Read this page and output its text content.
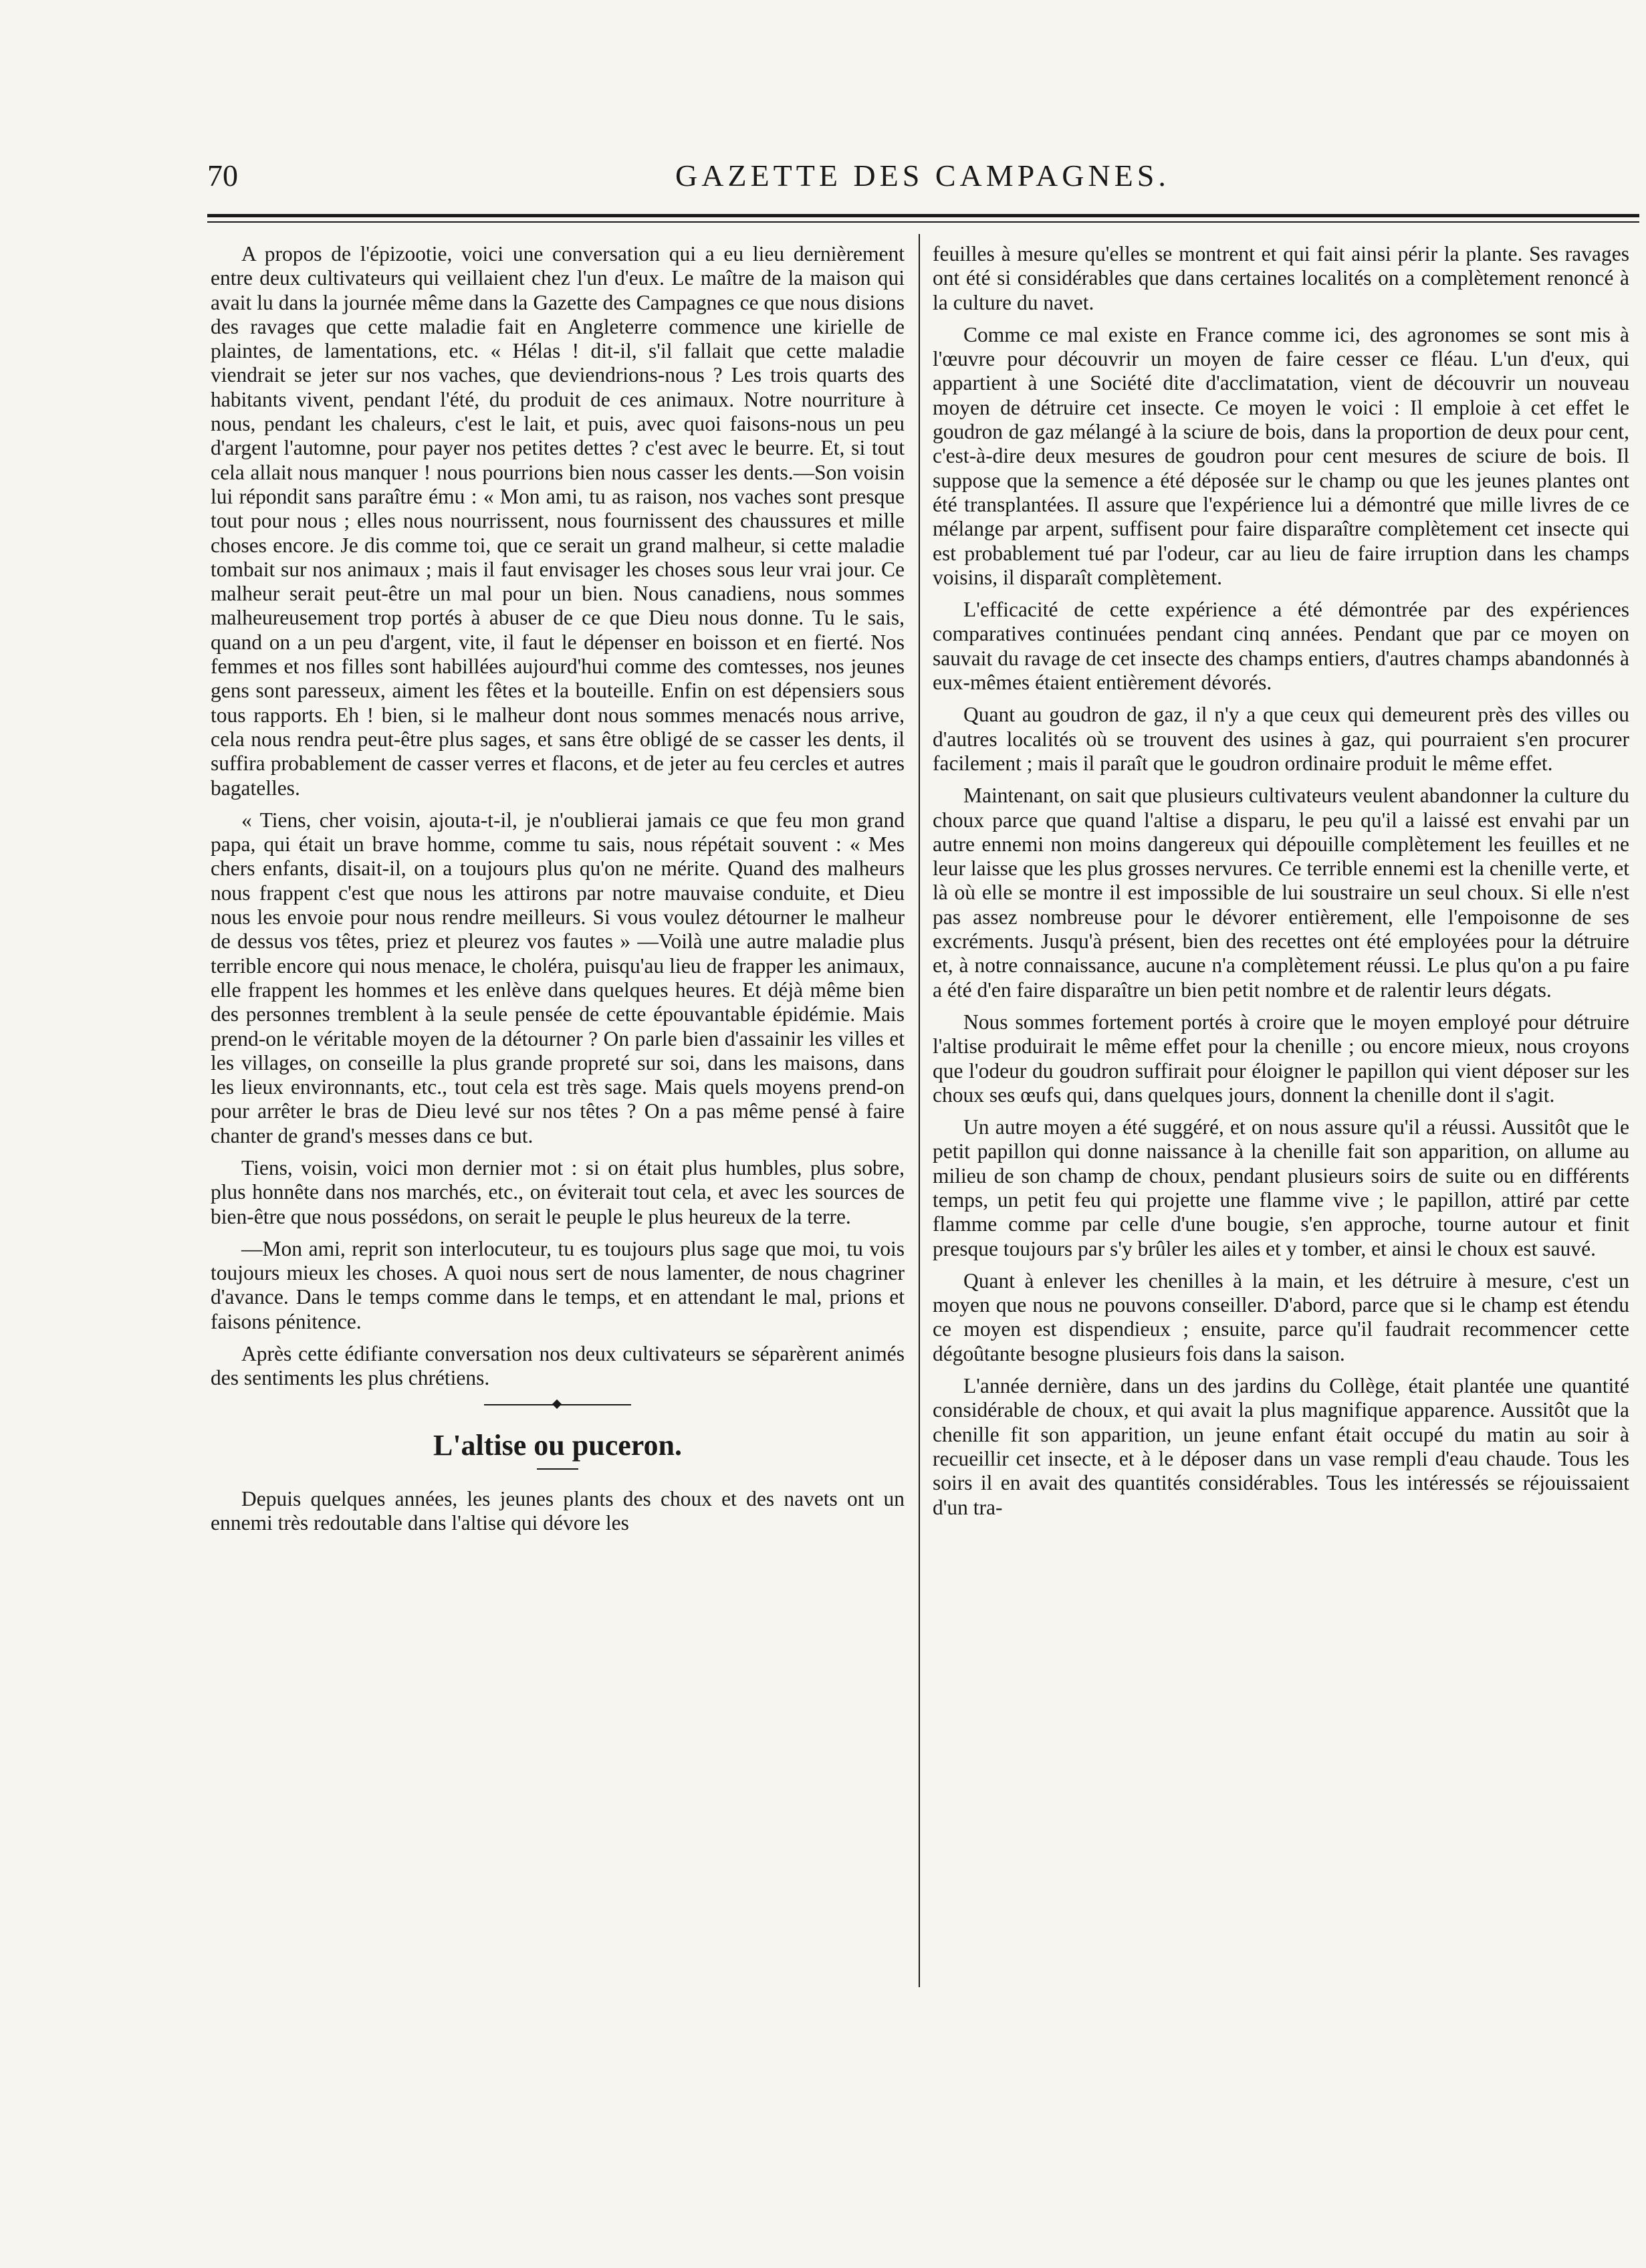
70	GAZETTE DES CAMPAGNES.

A propos de l'épizootie, voici une conversation qui a eu lieu dernièrement entre deux cultivateurs qui veillaient chez l'un d'eux. Le maître de la maison qui avait lu dans la journée même dans la Gazette des Campagnes ce que nous disions des ravages que cette maladie fait en Angleterre commence une kirielle de plaintes, de lamentations, etc. « Hélas ! dit-il, s'il fallait que cette maladie viendrait se jeter sur nos vaches, que deviendrions-nous ? Les trois quarts des habitants vivent, pendant l'été, du produit de ces animaux. Notre nourriture à nous, pendant les chaleurs, c'est le lait, et puis, avec quoi faisons-nous un peu d'argent l'automne, pour payer nos petites dettes ? c'est avec le beurre. Et, si tout cela allait nous manquer ! nous pourrions bien nous casser les dents.—Son voisin lui répondit sans paraître ému : « Mon ami, tu as raison, nos vaches sont presque tout pour nous ; elles nous nourrissent, nous fournissent des chaussures et mille choses encore. Je dis comme toi, que ce serait un grand malheur, si cette maladie tombait sur nos animaux ; mais il faut envisager les choses sous leur vrai jour. Ce malheur serait peut-être un mal pour un bien. Nous canadiens, nous sommes malheureusement trop portés à abuser de ce que Dieu nous donne. Tu le sais, quand on a un peu d'argent, vite, il faut le dépenser en boisson et en fierté. Nos femmes et nos filles sont habillées aujourd'hui comme des comtesses, nos jeunes gens sont paresseux, aiment les fêtes et la bouteille. Enfin on est dépensiers sous tous rapports. Eh ! bien, si le malheur dont nous sommes menacés nous arrive, cela nous rendra peut-être plus sages, et sans être obligé de se casser les dents, il suffira probablement de casser verres et flacons, et de jeter au feu cercles et autres bagatelles.

« Tiens, cher voisin, ajouta-t-il, je n'oublierai jamais ce que feu mon grand papa, qui était un brave homme, comme tu sais, nous répétait souvent : « Mes chers enfants, disait-il, on a toujours plus qu'on ne mérite. Quand des malheurs nous frappent c'est que nous les attirons par notre mauvaise conduite, et Dieu nous les envoie pour nous rendre meilleurs. Si vous voulez détourner le malheur de dessus vos têtes, priez et pleurez vos fautes » —Voilà une autre maladie plus terrible encore qui nous menace, le choléra, puisqu'au lieu de frapper les animaux, elle frappent les hommes et les enlève dans quelques heures. Et déjà même bien des personnes tremblent à la seule pensée de cette épouvantable épidémie. Mais prend-on le véritable moyen de la détourner ? On parle bien d'assainir les villes et les villages, on conseille la plus grande propreté sur soi, dans les maisons, dans les lieux environnants, etc., tout cela est très sage. Mais quels moyens prend-on pour arrêter le bras de Dieu levé sur nos têtes ? On a pas même pensé à faire chanter de grand's messes dans ce but.

Tiens, voisin, voici mon dernier mot : si on était plus humbles, plus sobre, plus honnête dans nos marchés, etc., on éviterait tout cela, et avec les sources de bien-être que nous possédons, on serait le peuple le plus heureux de la terre.

—Mon ami, reprit son interlocuteur, tu es toujours plus sage que moi, tu vois toujours mieux les choses. A quoi nous sert de nous lamenter, de nous chagriner d'avance. Dans le temps comme dans le temps, et en attendant le mal, prions et faisons pénitence.

Après cette édifiante conversation nos deux cultivateurs se séparèrent animés des sentiments les plus chrétiens.

L'altise ou puceron.

Depuis quelques années, les jeunes plants des choux et des navets ont un ennemi très redoutable dans l'altise qui dévore les

feuilles à mesure qu'elles se montrent et qui fait ainsi périr la plante. Ses ravages ont été si considérables que dans certaines localités on a complètement renoncé à la culture du navet.

Comme ce mal existe en France comme ici, des agronomes se sont mis à l'œuvre pour découvrir un moyen de faire cesser ce fléau. L'un d'eux, qui appartient à une Société dite d'acclimatation, vient de découvrir un nouveau moyen de détruire cet insecte. Ce moyen le voici : Il emploie à cet effet le goudron de gaz mélangé à la sciure de bois, dans la proportion de deux pour cent, c'est-à-dire deux mesures de goudron pour cent mesures de sciure de bois. Il suppose que la semence a été déposée sur le champ ou que les jeunes plantes ont été transplantées. Il assure que l'expérience lui a démontré que mille livres de ce mélange par arpent, suffisent pour faire disparaître complètement cet insecte qui est probablement tué par l'odeur, car au lieu de faire irruption dans les champs voisins, il disparaît complètement.

L'efficacité de cette expérience a été démontrée par des expériences comparatives continuées pendant cinq années. Pendant que par ce moyen on sauvait du ravage de cet insecte des champs entiers, d'autres champs abandonnés à eux-mêmes étaient entièrement dévorés.

Quant au goudron de gaz, il n'y a que ceux qui demeurent près des villes ou d'autres localités où se trouvent des usines à gaz, qui pourraient s'en procurer facilement ; mais il paraît que le goudron ordinaire produit le même effet.

Maintenant, on sait que plusieurs cultivateurs veulent abandonner la culture du choux parce que quand l'altise a disparu, le peu qu'il a laissé est envahi par un autre ennemi non moins dangereux qui dépouille complètement les feuilles et ne leur laisse que les plus grosses nervures. Ce terrible ennemi est la chenille verte, et là où elle se montre il est impossible de lui soustraire un seul choux. Si elle n'est pas assez nombreuse pour le dévorer entièrement, elle l'empoisonne de ses excréments. Jusqu'à présent, bien des recettes ont été employées pour la détruire et, à notre connaissance, aucune n'a complètement réussi. Le plus qu'on a pu faire a été d'en faire disparaître un bien petit nombre et de ralentir leurs dégats.

Nous sommes fortement portés à croire que le moyen employé pour détruire l'altise produirait le même effet pour la chenille ; ou encore mieux, nous croyons que l'odeur du goudron suffirait pour éloigner le papillon qui vient déposer sur les choux ses œufs qui, dans quelques jours, donnent la chenille dont il s'agit.

Un autre moyen a été suggéré, et on nous assure qu'il a réussi. Aussitôt que le petit papillon qui donne naissance à la chenille fait son apparition, on allume au milieu de son champ de choux, pendant plusieurs soirs de suite ou en différents temps, un petit feu qui projette une flamme vive ; le papillon, attiré par cette flamme comme par celle d'une bougie, s'en approche, tourne autour et finit presque toujours par s'y brûler les ailes et y tomber, et ainsi le choux est sauvé.

Quant à enlever les chenilles à la main, et les détruire à mesure, c'est un moyen que nous ne pouvons conseiller. D'abord, parce que si le champ est étendu ce moyen est dispendieux ; ensuite, parce qu'il faudrait recommencer cette dégoûtante besogne plusieurs fois dans la saison.

L'année dernière, dans un des jardins du Collège, était plantée une quantité considérable de choux, et qui avait la plus magnifique apparence. Aussitôt que la chenille fit son apparition, un jeune enfant était occupé du matin au soir à recueillir cet insecte, et à le déposer dans un vase rempli d'eau chaude. Tous les soirs il en avait des quantités considérables. Tous les intéressés se réjouissaient d'un tra-
